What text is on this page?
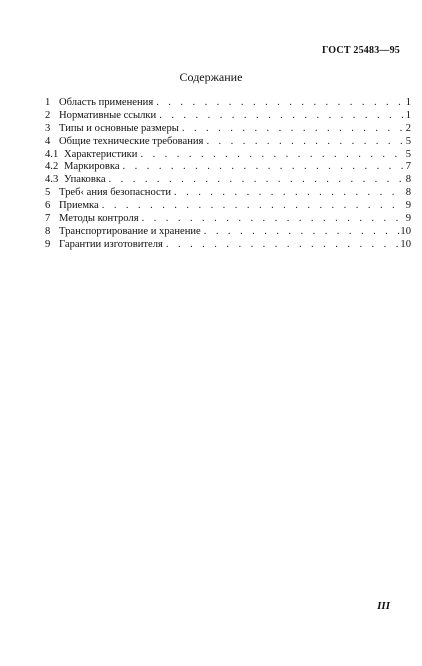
ГОСТ 25483—95
Содержание
1 Область применения . . .	1
2 Нормативные ссылки . . .	1
3 Типы и основные размеры . . .	2
4 Общие технические требования . . .	5
4.1 Характеристики . . .	5
4.2 Маркировка . . .	7
4.3 Упаковка . . .	8
5 Треб‹ ания безопасности . . .	8
6 Приемка . . .	9
7 Методы контроля . . .	9
8 Транспортирование и хранение . . .	10
9 Гарантии изготовителя . . .	10
III
